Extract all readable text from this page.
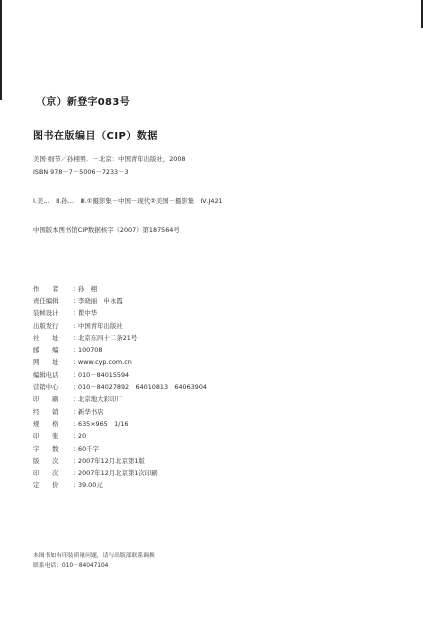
（京）新登字083号
图书在版编目（CIP）数据
美国·细节／孙栩男．－北京：中国青年出版社，2008
ISBN 978－7－5006－7233－3
Ⅰ.美…　Ⅱ.孙…　Ⅲ.①摄影集－中国－现代②美国－摄影集　Ⅳ.J421
中国版本图书馆CIP数据核字（2007）第187564号
作　　者	：
孙　栩
责任编辑	：
李晓丽　申永霞
装帧设计	：
瞿中华
出版发行	：
中国青年出版社
社　　址	：
北京东四十二条21号
邮　　编	：
100708
网　　址	：
www.cyp.com.cn
编辑电话	：
010－84015594
营销中心	：
010－84027892　64010813　64063904
印　　刷	：
北京地大彩印厂
经　　销	：
新华书店
规　　格	：
635×965　1/16
印　　张	：
20
字　　数	：
60千字
版　　次	：
2007年12月北京第1版
印　　次	：
2007年12月北京第1次印刷
定　　价	：
39.00元
本图书如有印装质量问题，请与出版部联系调换
联系电话：010－84047104
